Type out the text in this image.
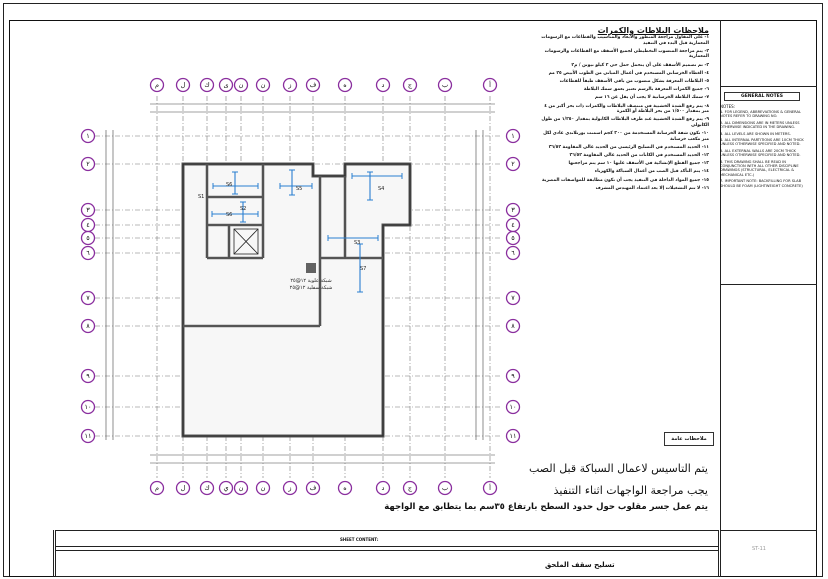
S6
S6
S5	S4
S3
S2
S1
S7
شبكة علوية ١٢@٢٥
شبكة سفلية ١٢@٢٥
م	ل	ك ى ن	ن	ز	ف	ه	د	ج	ب	أ
م	ل	ك ي ن	ن	ز	ف	ه	د	ج	ب	أ
١	١
٢	٢
٣	٣
٤	٤
٥	٥
٦	٦
٧	٧
٨	٨
٩	٩
١٠	١٠
١١	١١
ملاحظات البلاطات والكمرات
١- على المقاول مراجعة المنظور والأبعاد والمناسيب والقطاعات مع الرسومات المعمارية قبل البدء في التنفيذ
٢- يتم مراجعة المنسوب التخطيطي لجميع الأسقف مع القطاعات والرسومات المعمارية
٣- تم تصميم الأسقف على أن يتحمل حمل حي ٢ كيلو نيوتن / م٢
٤- الغطاء الخرساني المستخدم في أعمال المباني من الطوب الأبيض ٢٥ مم
٥- البلاطات المعرفة بشكل منسوب من باقي الأسقف طبقاً للقطاعات
٦- جميع الكمرات المعرفة بالرسم تعتبر بعمق سمك البلاطة
٧- سمك البلاطة الخرسانية لا يجب أن يقل عن ١٦ سم
٨- يتم رفع الشدة الخشبية في منتصف البلاطات والكمرات ذات بحر أكبر من ٤ متر بمقدار ١/٥٠٠ من بحر البلاطة أو الكمرة
٩- يتم رفع الشدة الخشبية عند طرف البلاطات الكابولية بمقدار ١/٢٥٠ من طول الكابولي
١٠- تكون شفة الخرسانة المستخدمة من ٣٠٠ كجم اسمنت بورتلاندي عادي لكل متر مكعب خرسانة
١١- الحديد المستخدم في التسليح الرئيسي من الحديد عالي المقاومة ٣٦/٥٢
١٢- الحديد المستخدم في الكانات من الحديد عالي المقاومة ٣٦/٥٢
١٣- جميع القطع الإنشائية في الأسقف عليها ١٠ سم يتم مراجعتها
١٤- يتم التأكد قبل الصب من أعمال السباكة والكهرباء
١٥- جميع المواد الداخلة في التنفيذ يجب أن تكون مطابقة للمواصفات المصرية
١٦- لا تتم التشغيلات إلا بعد اعتماد المهندس المشرف
GENERAL NOTES
NOTES:
1. FOR LEGEND, ABBREVIATIONS & GENERAL NOTES REFER TO DRAWING NO.
2. ALL DIMENSIONS ARE IN METERS UNLESS OTHERWISE INDICATED IN THE DRAWING.
3. ALL LEVELS ARE SHOWN IN METERS.
4. ALL INTERNAL PARTITIONS ARE 10CM THICK UNLESS OTHERWISE SPECIFIED AND NOTED.
5. ALL EXTERNAL WALLS ARE 20CM THICK UNLESS OTHERWISE SPECIFIED AND NOTED.
6. THIS DRAWING SHALL BE READ IN CONJUNCTION WITH ALL OTHER DISCIPLINE DRAWINGS (STRUCTURAL, ELECTRICAL & MECHANICAL ETC.)
7. IMPORTANT NOTE: BACKFILLING FOR SLAB SHOULD BE FOAM (LIGHTWEIGHT CONCRETE)
ملاحظات عامة
يتم التاسيس لاعمال السباكة قبل الصب
يجب مراجعة الواجهات اثناء التنفيذ
يتم عمل جسر مقلوب حول حدود السطح بارتفاع ٣٥سم بما يتطابق مع الواجهة
SHEET CONTENT:
تسليح سقف الملحق
ST-11
